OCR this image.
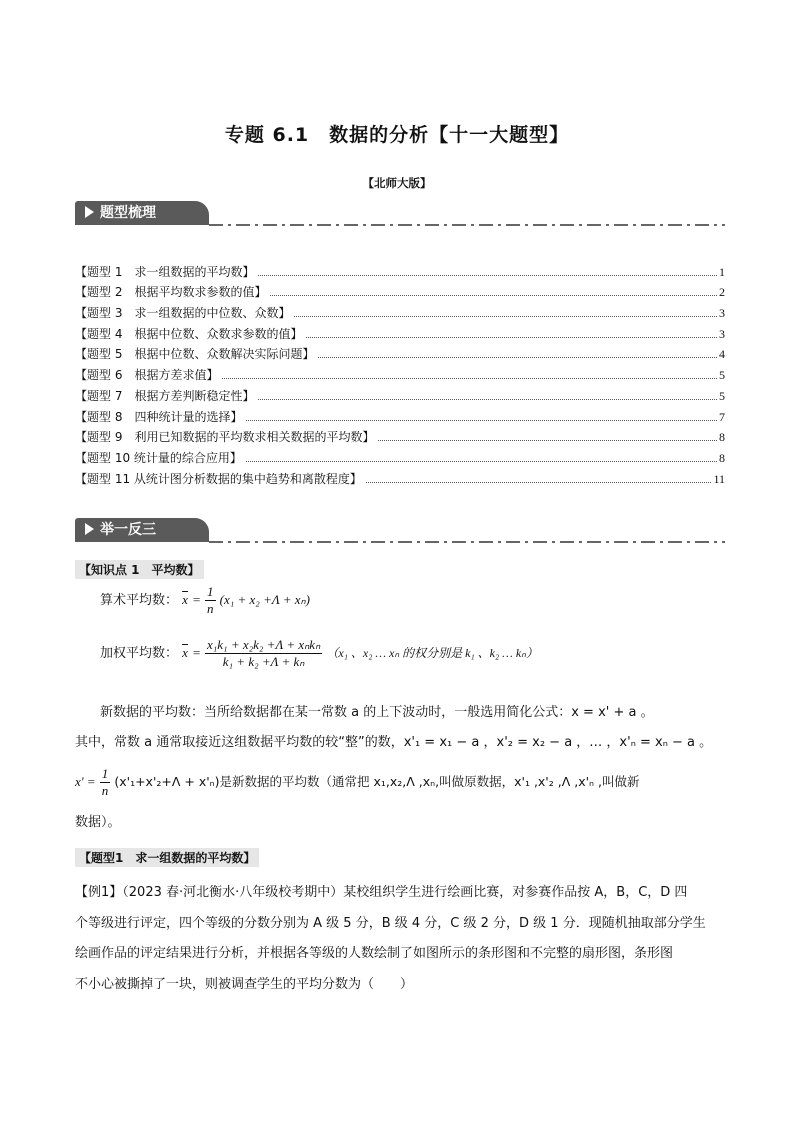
专题 6.1　数据的分析【十一大题型】
【北师大版】
题型梳理
【题型 1　求一组数据的平均数】	1
【题型 2　根据平均数求参数的值】	2
【题型 3　求一组数据的中位数、众数】	3
【题型 4　根据中位数、众数求参数的值】	3
【题型 5　根据中位数、众数解决实际问题】	4
【题型 6　根据方差求值】	5
【题型 7　根据方差判断稳定性】	5
【题型 8　四种统计量的选择】	7
【题型 9　利用已知数据的平均数求相关数据的平均数】	8
【题型 10 统计量的综合应用】	8
【题型 11 从统计图分析数据的集中趋势和离散程度】	11
举一反三
【知识点 1　平均数】
算术平均数： $\overline{x} = \frac{1}{n} (x_1 + x_2 +\Lambda + x_n)$
加权平均数： $\overline{x} = \frac{\text{x₁k₁ + x₂k₂ +Λ + xₙkₙ}}{\text{k₁ + k₂ +Λ + kₙ}} (x_1$ 、x₂ … xₙ 的权分别是 k₁ 、k₂ … kₙ）
新数据的平均数：当所给数据都在某一常数 a 的上下波动时，一般选用简化公式：x = x' + a 。
其中，常数 a 通常取接近这组数据平均数的较“整”的数，x'₁ = x₁ − a ，x'₂ = x₂ − a ，… ，x'ₙ = xₙ − a 。
$x' = \frac{1}{n} (x'_1+x'_2+\Lambda + x'_n)$是新数据的平均数（通常把 x₁,x₂,Λ ,xₙ,叫做原数据，x'₁ ,x'₂ ,Λ ,x'ₙ ,叫做新
数据）。
【题型1　求一组数据的平均数】
【例1】（2023 春·河北衡水·八年级校考期中）某校组织学生进行绘画比赛，对参赛作品按 A，B，C，D 四
个等级进行评定，四个等级的分数分别为 A 级 5 分，B 级 4 分，C 级 2 分，D 级 1 分．现随机抽取部分学生
绘画作品的评定结果进行分析，并根据各等级的人数绘制了如图所示的条形图和不完整的扇形图，条形图
不小心被撕掉了一块，则被调查学生的平均分数为（　　）
